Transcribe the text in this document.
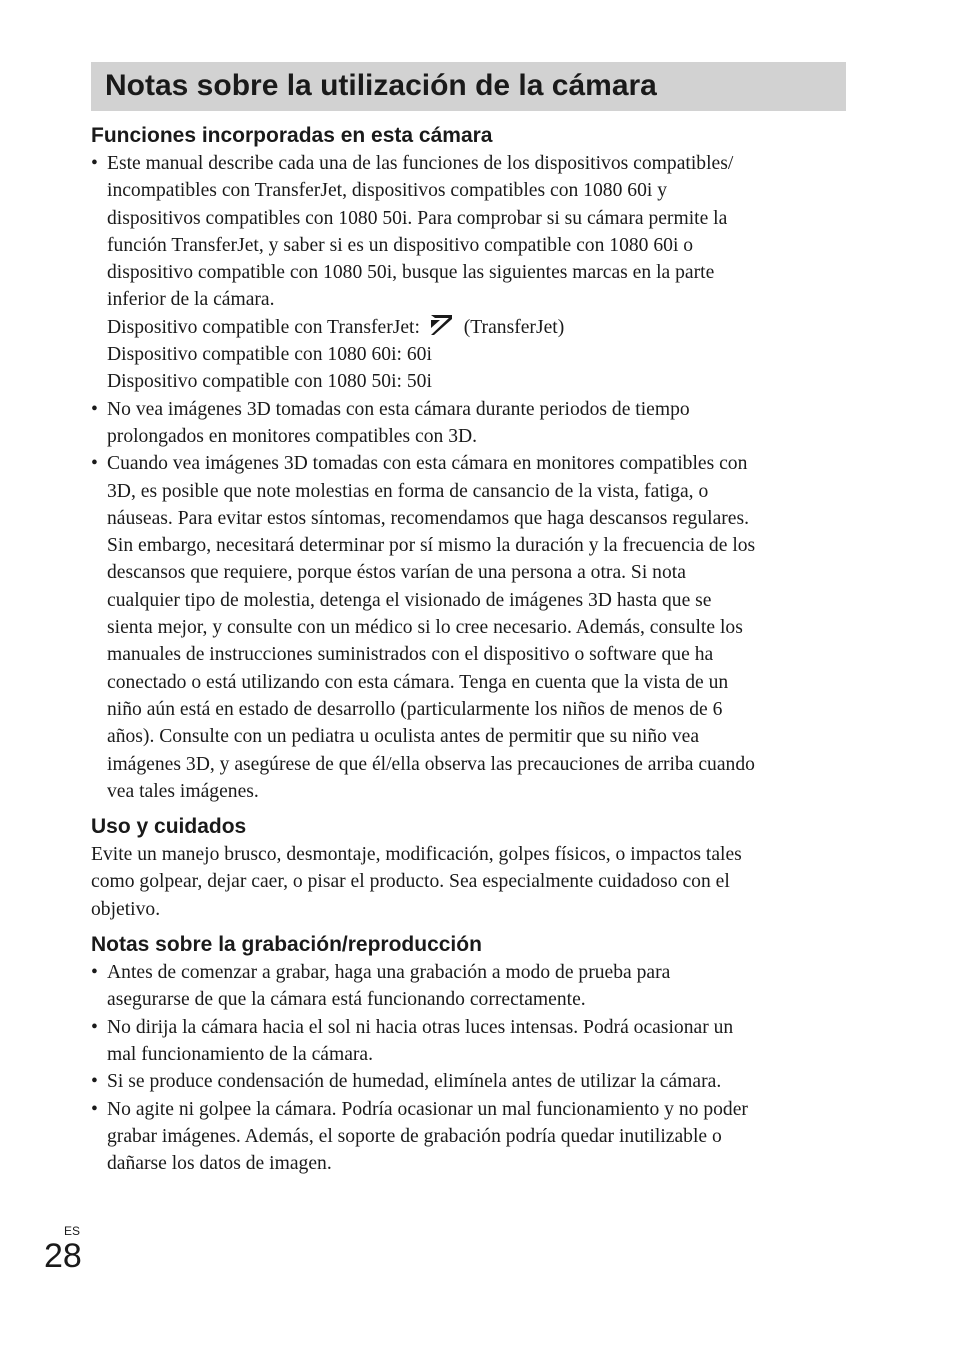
Notas sobre la utilización de la cámara
Funciones incorporadas en esta cámara
• Este manual describe cada una de las funciones de los dispositivos compatibles/
incompatibles con TransferJet, dispositivos compatibles con 1080 60i y
dispositivos compatibles con 1080 50i. Para comprobar si su cámara permite la
función TransferJet, y saber si es un dispositivo compatible con 1080 60i o
dispositivo compatible con 1080 50i, busque las siguientes marcas en la parte
inferior de la cámara.
Dispositivo compatible con TransferJet: (TransferJet)
Dispositivo compatible con 1080 60i: 60i
Dispositivo compatible con 1080 50i: 50i
• No vea imágenes 3D tomadas con esta cámara durante periodos de tiempo
prolongados en monitores compatibles con 3D.
• Cuando vea imágenes 3D tomadas con esta cámara en monitores compatibles con
3D, es posible que note molestias en forma de cansancio de la vista, fatiga, o
náuseas. Para evitar estos síntomas, recomendamos que haga descansos regulares.
Sin embargo, necesitará determinar por sí mismo la duración y la frecuencia de los
descansos que requiere, porque éstos varían de una persona a otra. Si nota
cualquier tipo de molestia, detenga el visionado de imágenes 3D hasta que se
sienta mejor, y consulte con un médico si lo cree necesario. Además, consulte los
manuales de instrucciones suministrados con el dispositivo o software que ha
conectado o está utilizando con esta cámara. Tenga en cuenta que la vista de un
niño aún está en estado de desarrollo (particularmente los niños de menos de 6
años). Consulte con un pediatra u oculista antes de permitir que su niño vea
imágenes 3D, y asegúrese de que él/ella observa las precauciones de arriba cuando
vea tales imágenes.
Uso y cuidados

Evite un manejo brusco, desmontaje, modificación, golpes físicos, o impactos tales
como golpear, dejar caer, o pisar el producto. Sea especialmente cuidadoso con el
objetivo.

Notas sobre la grabación/reproducción
• Antes de comenzar a grabar, haga una grabación a modo de prueba para
asegurarse de que la cámara está funcionando correctamente.
• No dirija la cámara hacia el sol ni hacia otras luces intensas. Podrá ocasionar un
mal funcionamiento de la cámara.
• Si se produce condensación de humedad, elimínela antes de utilizar la cámara.
• No agite ni golpee la cámara. Podría ocasionar un mal funcionamiento y no poder
grabar imágenes. Además, el soporte de grabación podría quedar inutilizable o
dañarse los datos de imagen.
ES
28
